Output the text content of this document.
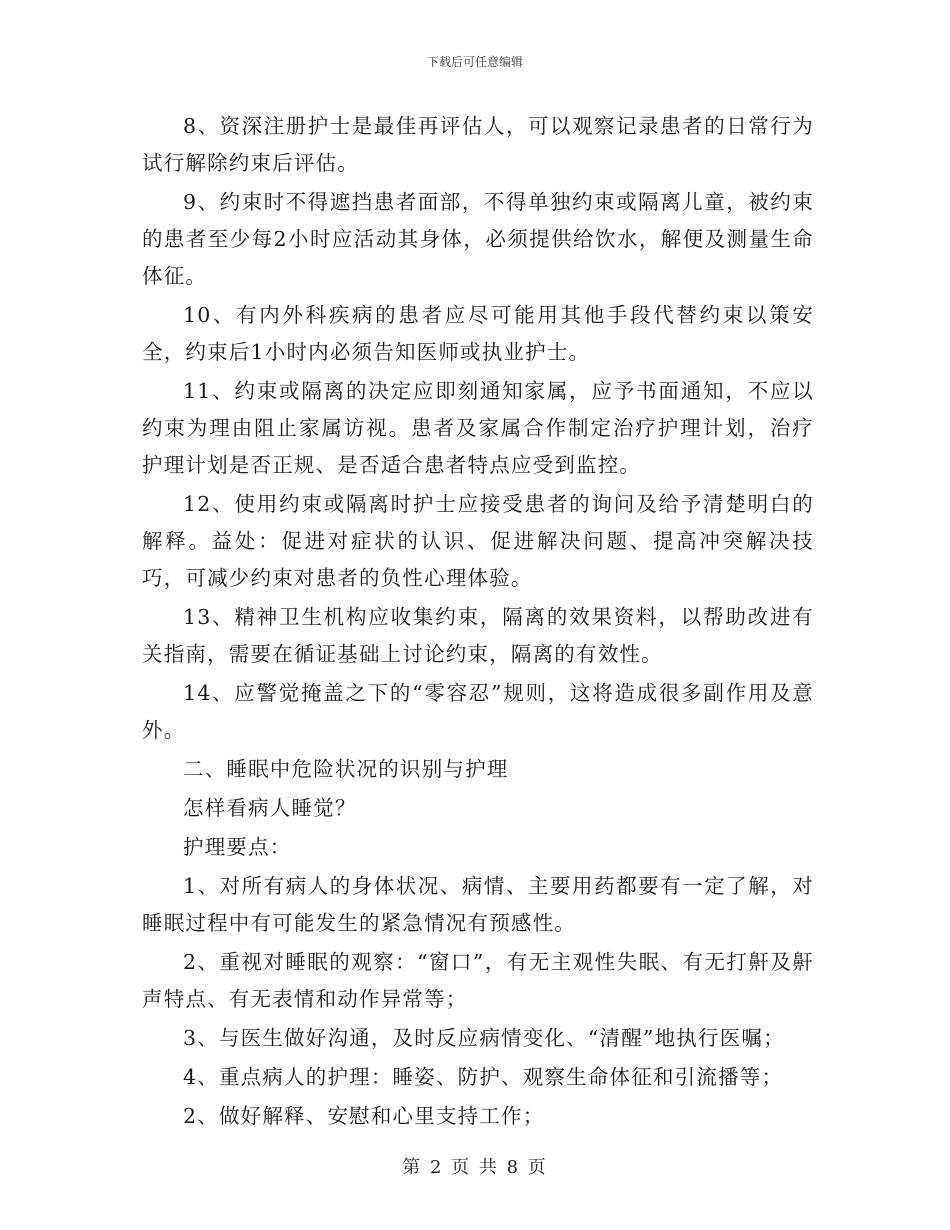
下载后可任意编辑

8、资深注册护士是最佳再评估人，可以观察记录患者的日常行为试行解除约束后评估。

9、约束时不得遮挡患者面部，不得单独约束或隔离儿童，被约束的患者至少每2小时应活动其身体，必须提供给饮水，解便及测量生命体征。

10、有内外科疾病的患者应尽可能用其他手段代替约束以策安全，约束后1小时内必须告知医师或执业护士。

11、约束或隔离的决定应即刻通知家属，应予书面通知，不应以约束为理由阻止家属访视。患者及家属合作制定治疗护理计划，治疗护理计划是否正规、是否适合患者特点应受到监控。

12、使用约束或隔离时护士应接受患者的询问及给予清楚明白的解释。益处：促进对症状的认识、促进解决问题、提高冲突解决技巧，可减少约束对患者的负性心理体验。

13、精神卫生机构应收集约束，隔离的效果资料，以帮助改进有关指南，需要在循证基础上讨论约束，隔离的有效性。

14、应警觉掩盖之下的“零容忍”规则，这将造成很多副作用及意外。

二、睡眠中危险状况的识别与护理

怎样看病人睡觉？

护理要点：

1、对所有病人的身体状况、病情、主要用药都要有一定了解，对睡眠过程中有可能发生的紧急情况有预感性。

2、重视对睡眠的观察：“窗口”，有无主观性失眠、有无打鼾及鼾声特点、有无表情和动作异常等；

3、与医生做好沟通，及时反应病情变化、“清醒”地执行医嘱；

4、重点病人的护理：睡姿、防护、观察生命体征和引流播等；

2、做好解释、安慰和心里支持工作；

第 2 页 共 8 页
